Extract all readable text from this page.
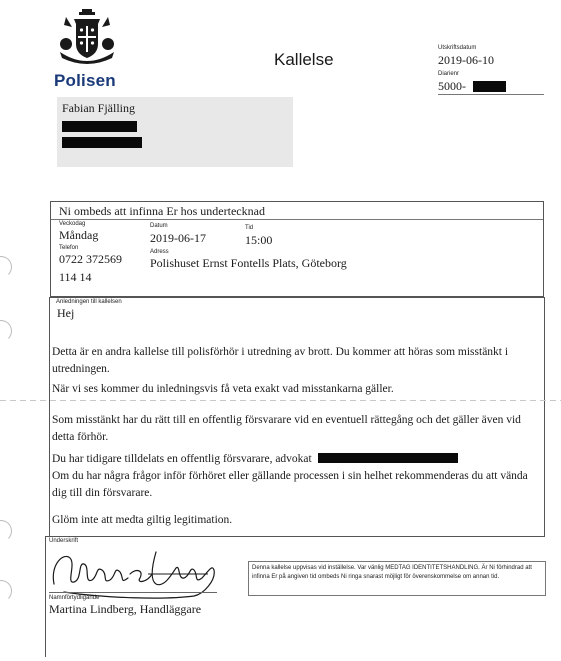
Polisen
Kallelse
Utskriftsdatum
2019-06-10
Diarienr
5000-
Fabian Fjälling
Ni ombeds att infinna Er hos undertecknad
Veckodag
Måndag
Datum
2019-06-17
Tid
15:00
Telefon
0722 372569	Adress
Polishuset Ernst Fontells Plats, Göteborg
114 14
Anledningen till kallelsen
Hej

Detta är en andra kallelse till polisförhör i utredning av brott. Du kommer att höras som misstänkt i utredningen.

När vi ses kommer du inledningsvis få veta exakt vad misstankarna gäller.

Som misstänkt har du rätt till en offentlig försvarare vid en eventuell rättegång och det gäller även vid detta förhör.

Du har tidigare tilldelats en offentlig försvarare, advokat

Om du har några frågor inför förhöret eller gällande processen i sin helhet rekommenderas du att vända dig till din försvarare.

Glöm inte att medta giltig legitimation.
Underskrift
Namnförtydligande
Martina Lindberg, Handläggare
Denna kallelse uppvisas vid inställelse. Var vänlig MEDTAG IDENTITETSHANDLING. Är Ni förhindrad att infinna Er på angiven tid ombeds Ni ringa snarast möjligt för överenskommelse om annan tid.
